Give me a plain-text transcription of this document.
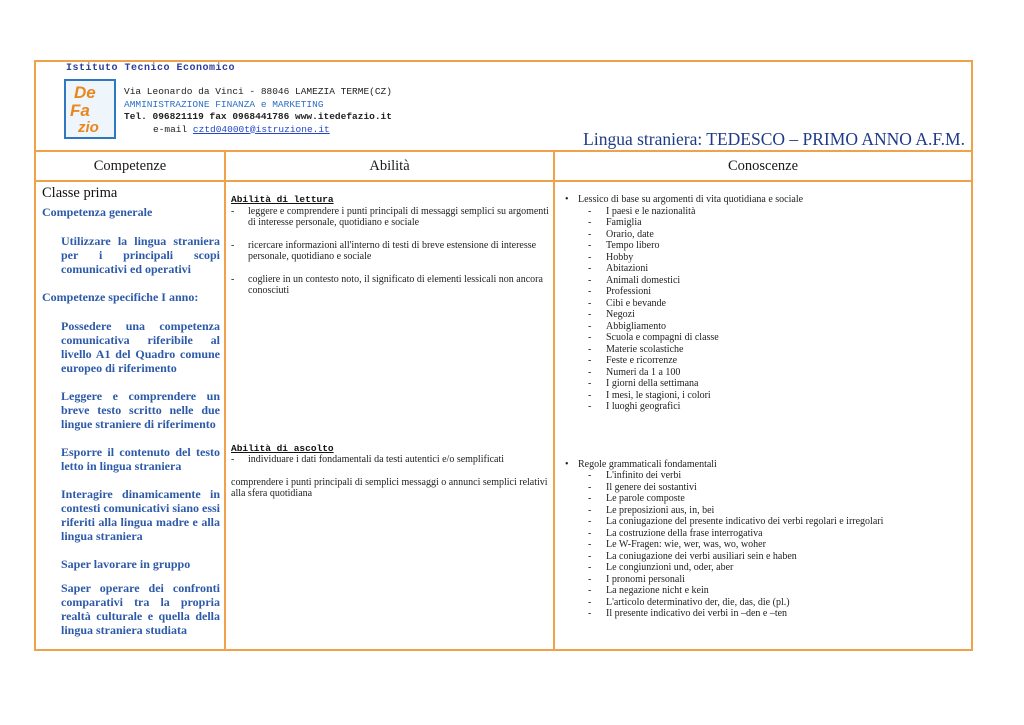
Istituto Tecnico Economico
De
Fa
zio
Via Leonardo da Vinci - 88046 LAMEZIA TERME(CZ)
AMMINISTRAZIONE FINANZA e MARKETING
Tel. 096821119 fax 0968441786 www.itedefazio.it
e-mail cztd04000t@istruzione.it	Lingua straniera: TEDESCO – PRIMO ANNO A.F.M.
Competenze	Abilità	Conoscenze
Classe prima
Competenza generale
Utilizzare la lingua straniera per i principali scopi comunicativi ed operativi
Competenze specifiche I anno:
Possedere una competenza comunicativa riferibile al livello A1 del Quadro comune europeo di riferimento
Leggere e comprendere un breve testo scritto nelle due lingue straniere di riferimento
Esporre il contenuto del testo letto in lingua straniera
Interagire dinamicamente in contesti comunicativi siano essi riferiti alla lingua madre e alla lingua straniera
Saper lavorare in gruppo
Saper operare dei confronti comparativi tra la propria realtà culturale e quella della lingua straniera studiata
Abilità di lettura
- leggere e comprendere i punti principali di messaggi semplici su argomenti di interesse personale, quotidiano e sociale
- ricercare informazioni all'interno di testi di breve estensione di interesse personale, quotidiano e sociale
- cogliere in un contesto noto, il significato di elementi lessicali non ancora conosciuti
Abilità di ascolto
- individuare i dati fondamentali da testi autentici e/o semplificati
comprendere i punti principali di semplici messaggi o annunci semplici relativi alla sfera quotidiana
• Lessico di base su argomenti di vita quotidiana e sociale
- I paesi e le nazionalità
- Famiglia
- Orario, date
- Tempo libero
- Hobby
- Abitazioni
- Animali domestici
- Professioni
- Cibi e bevande
- Negozi
- Abbigliamento
- Scuola e compagni di classe
- Materie scolastiche
- Feste e ricorrenze
- Numeri da 1 a 100
- I giorni della settimana
- I mesi, le stagioni, i colori
- I luoghi geografici
• Regole grammaticali fondamentali
- L'infinito dei verbi
- Il genere dei sostantivi
- Le parole composte
- Le preposizioni aus, in, bei
- La coniugazione del presente indicativo dei verbi regolari e irregolari
- La costruzione della frase interrogativa
- Le W-Fragen: wie, wer, was, wo, woher
- La coniugazione dei verbi ausiliari sein e haben
- Le congiunzioni und, oder, aber
- I pronomi personali
- La negazione nicht e kein
- L'articolo determinativo der, die, das, die (pl.)
- Il presente indicativo dei verbi in –den e –ten
